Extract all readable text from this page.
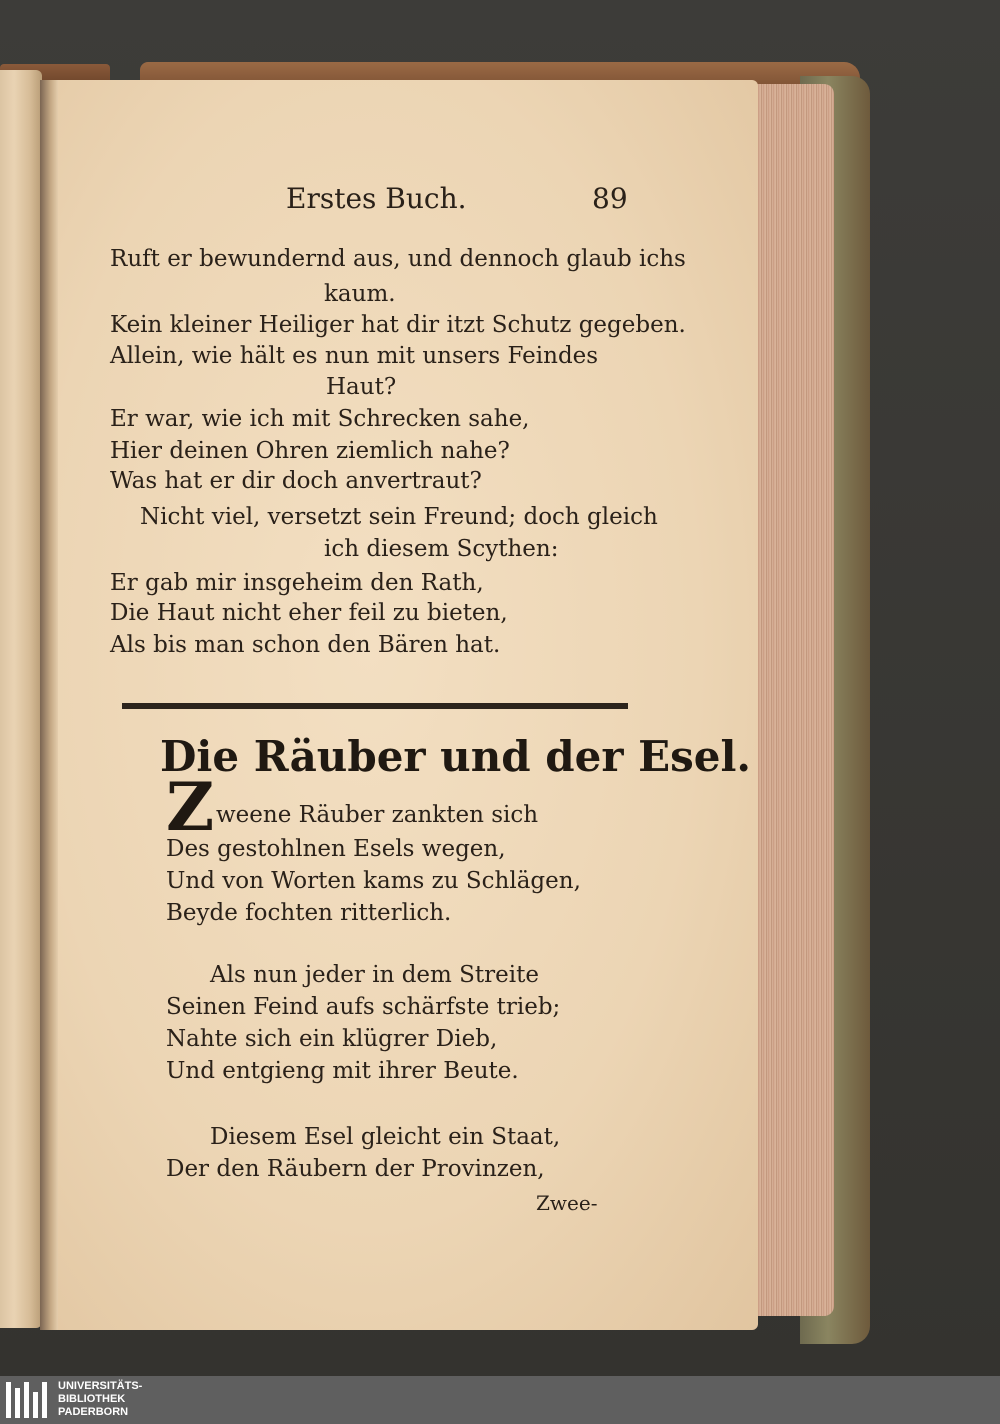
Erstes Buch.	89
Ruft er bewundernd aus, und dennoch glaub ichs
kaum.
Kein kleiner Heiliger hat dir itzt Schutz gegeben.
Allein, wie hält es nun mit unsers Feindes
Haut?
Er war, wie ich mit Schrecken sahe,
Hier deinen Ohren ziemlich nahe?
Was hat er dir doch anvertraut?
Nicht viel, versetzt sein Freund; doch gleich
ich diesem Scythen:
Er gab mir insgeheim den Rath,
Die Haut nicht eher feil zu bieten,
Als bis man schon den Bären hat.
Die Räuber und der Esel.
Z weene Räuber zankten sich
Des gestohlnen Esels wegen,
Und von Worten kams zu Schlägen,
Beyde fochten ritterlich.
Als nun jeder in dem Streite
Seinen Feind aufs schärfste trieb;
Nahte sich ein klügrer Dieb,
Und entgieng mit ihrer Beute.
Diesem Esel gleicht ein Staat,
Der den Räubern der Provinzen,
Zwee-
UNIVERSITÄTS-
BIBLIOTHEK
PADERBORN
